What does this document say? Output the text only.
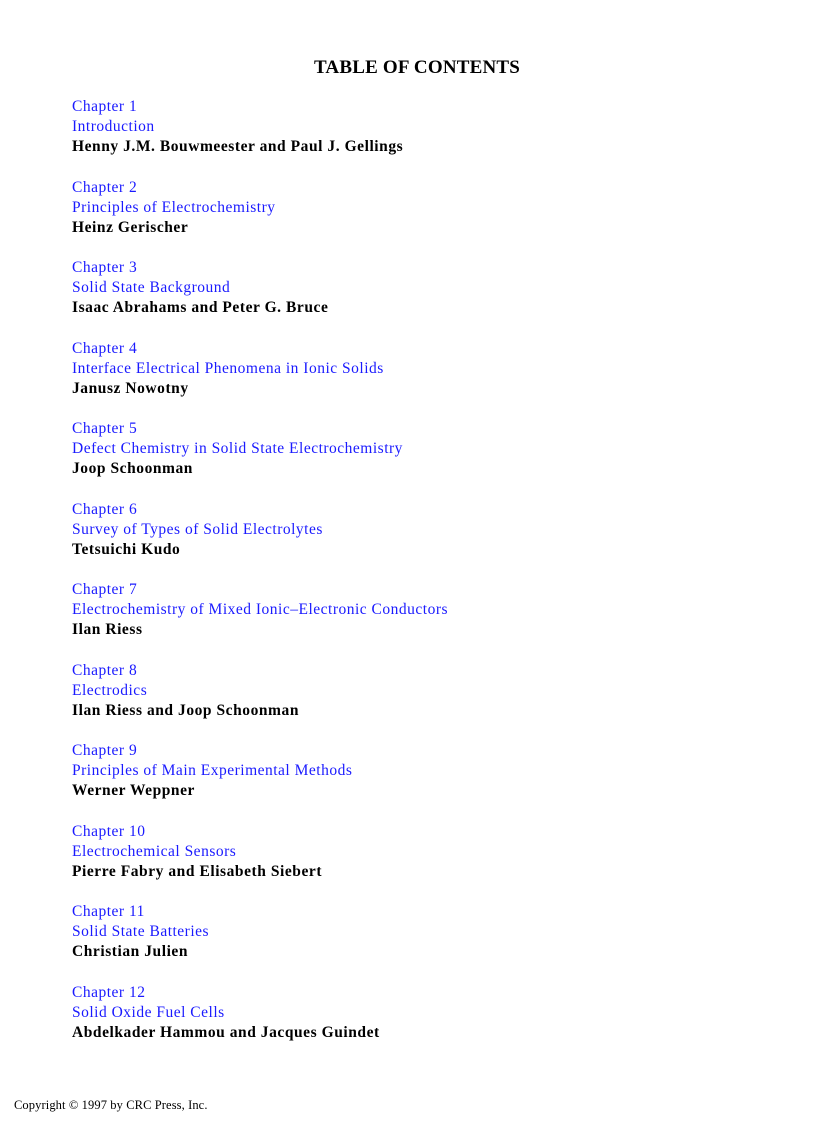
TABLE OF CONTENTS
Chapter 1
Introduction
Henny J.M. Bouwmeester and Paul J. Gellings
Chapter 2
Principles of Electrochemistry
Heinz Gerischer
Chapter 3
Solid State Background
Isaac Abrahams and Peter G. Bruce
Chapter 4
Interface Electrical Phenomena in Ionic Solids
Janusz Nowotny
Chapter 5
Defect Chemistry in Solid State Electrochemistry
Joop Schoonman
Chapter 6
Survey of Types of Solid Electrolytes
Tetsuichi Kudo
Chapter 7
Electrochemistry of Mixed Ionic–Electronic Conductors
Ilan Riess
Chapter 8
Electrodics
Ilan Riess and Joop Schoonman
Chapter 9
Principles of Main Experimental Methods
Werner Weppner
Chapter 10
Electrochemical Sensors
Pierre Fabry and Elisabeth Siebert
Chapter 11
Solid State Batteries
Christian Julien
Chapter 12
Solid Oxide Fuel Cells
Abdelkader Hammou and Jacques Guindet

Copyright © 1997 by CRC Press, Inc.
